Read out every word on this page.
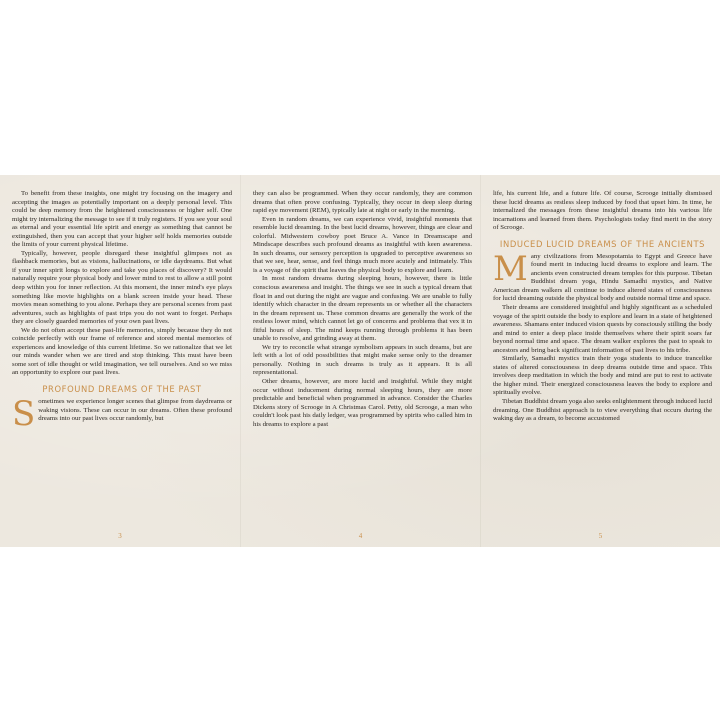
To benefit from these insights, one might try focusing on the imagery and accepting the images as potentially important on a deeply personal level. This could be deep memory from the heightened consciousness or higher self. One might try internalizing the message to see if it truly registers. If you see your soul as eternal and your essential life spirit and energy as something that cannot be extinguished, then you can accept that your higher self holds memories outside the limits of your current physical lifetime.

Typically, however, people disregard these insightful glimpses not as flashback memories, but as visions, hallucinations, or idle daydreams. But what if your inner spirit longs to explore and take you places of discovery? It would naturally require your physical body and lower mind to rest to allow a still point deep within you for inner reflection. At this moment, the inner mind's eye plays something like movie highlights on a blank screen inside your head. These movies mean something to you alone. Perhaps they are personal scenes from past adventures, such as highlights of past trips you do not want to forget. Perhaps they are closely guarded memories of your own past lives.

We do not often accept these past-life memories, simply because they do not coincide perfectly with our frame of reference and stored mental memories of experiences and knowledge of this current lifetime. So we rationalize that we let our minds wander when we are tired and stop thinking. This must have been some sort of idle thought or wild imagination, we tell ourselves. And so we miss an opportunity to explore our past lives.

PROFOUND DREAMS OF THE PAST

Sometimes we experience longer scenes that glimpse from daydreams or waking visions. These can occur in our dreams. Often these profound dreams into our past lives occur randomly, but

3

they can also be programmed. When they occur randomly, they are common dreams that often prove confusing. Typically, they occur in deep sleep during rapid eye movement (REM), typically late at night or early in the morning.

Even in random dreams, we can experience vivid, insightful moments that resemble lucid dreaming. In the best lucid dreams, however, things are clear and colorful. Midwestern cowboy poet Bruce A. Vance in Dreamscape and Mindscape describes such profound dreams as insightful with keen awareness. In such dreams, our sensory perception is upgraded to perceptive awareness so that we see, hear, sense, and feel things much more acutely and intimately. This is a voyage of the spirit that leaves the physical body to explore and learn.

In most random dreams during sleeping hours, however, there is little conscious awareness and insight. The things we see in such a typical dream that float in and out during the night are vague and confusing. We are unable to fully identify which character in the dream represents us or whether all the characters in the dream represent us. These common dreams are generally the work of the restless lower mind, which cannot let go of concerns and problems that vex it in fitful hours of sleep. The mind keeps running through problems it has been unable to resolve, and grinding away at them.

We try to reconcile what strange symbolism appears in such dreams, but are left with a lot of odd possibilities that might make sense only to the dreamer personally. Nothing in such dreams is truly as it appears. It is all representational.

Other dreams, however, are more lucid and insightful. While they might occur without inducement during normal sleeping hours, they are more predictable and beneficial when programmed in advance. Consider the Charles Dickens story of Scrooge in A Christmas Carol. Petty, old Scrooge, a man who couldn't look past his daily ledger, was programmed by spirits who called him in his dreams to explore a past

4

life, his current life, and a future life. Of course, Scrooge initially dismissed these lucid dreams as restless sleep induced by food that upset him. In time, he internalized the messages from these insightful dreams into his various life incarnations and learned from them. Psychologists today find merit in the story of Scrooge.

INDUCED LUCID DREAMS OF THE ANCIENTS

Many civilizations from Mesopotamia to Egypt and Greece have found merit in inducing lucid dreams to explore and learn. The ancients even constructed dream temples for this purpose. Tibetan Buddhist dream yoga, Hindu Samadhi mystics, and Native American dream walkers all continue to induce altered states of consciousness for lucid dreaming outside the physical body and outside normal time and space.

Their dreams are considered insightful and highly significant as a scheduled voyage of the spirit outside the body to explore and learn in a state of heightened awareness. Shamans enter induced vision quests by consciously stilling the body and mind to enter a deep place inside themselves where their spirit soars far beyond normal time and space. The dream walker explores the past to speak to ancestors and bring back significant information of past lives to his tribe.

Similarly, Samadhi mystics train their yoga students to induce trancelike states of altered consciousness in deep dreams outside time and space. This involves deep meditation in which the body and mind are put to rest to activate the higher mind. Their energized consciousness leaves the body to explore and spiritually evolve.

Tibetan Buddhist dream yoga also seeks enlightenment through induced lucid dreaming. One Buddhist approach is to view everything that occurs during the waking day as a dream, to become accustomed

5
